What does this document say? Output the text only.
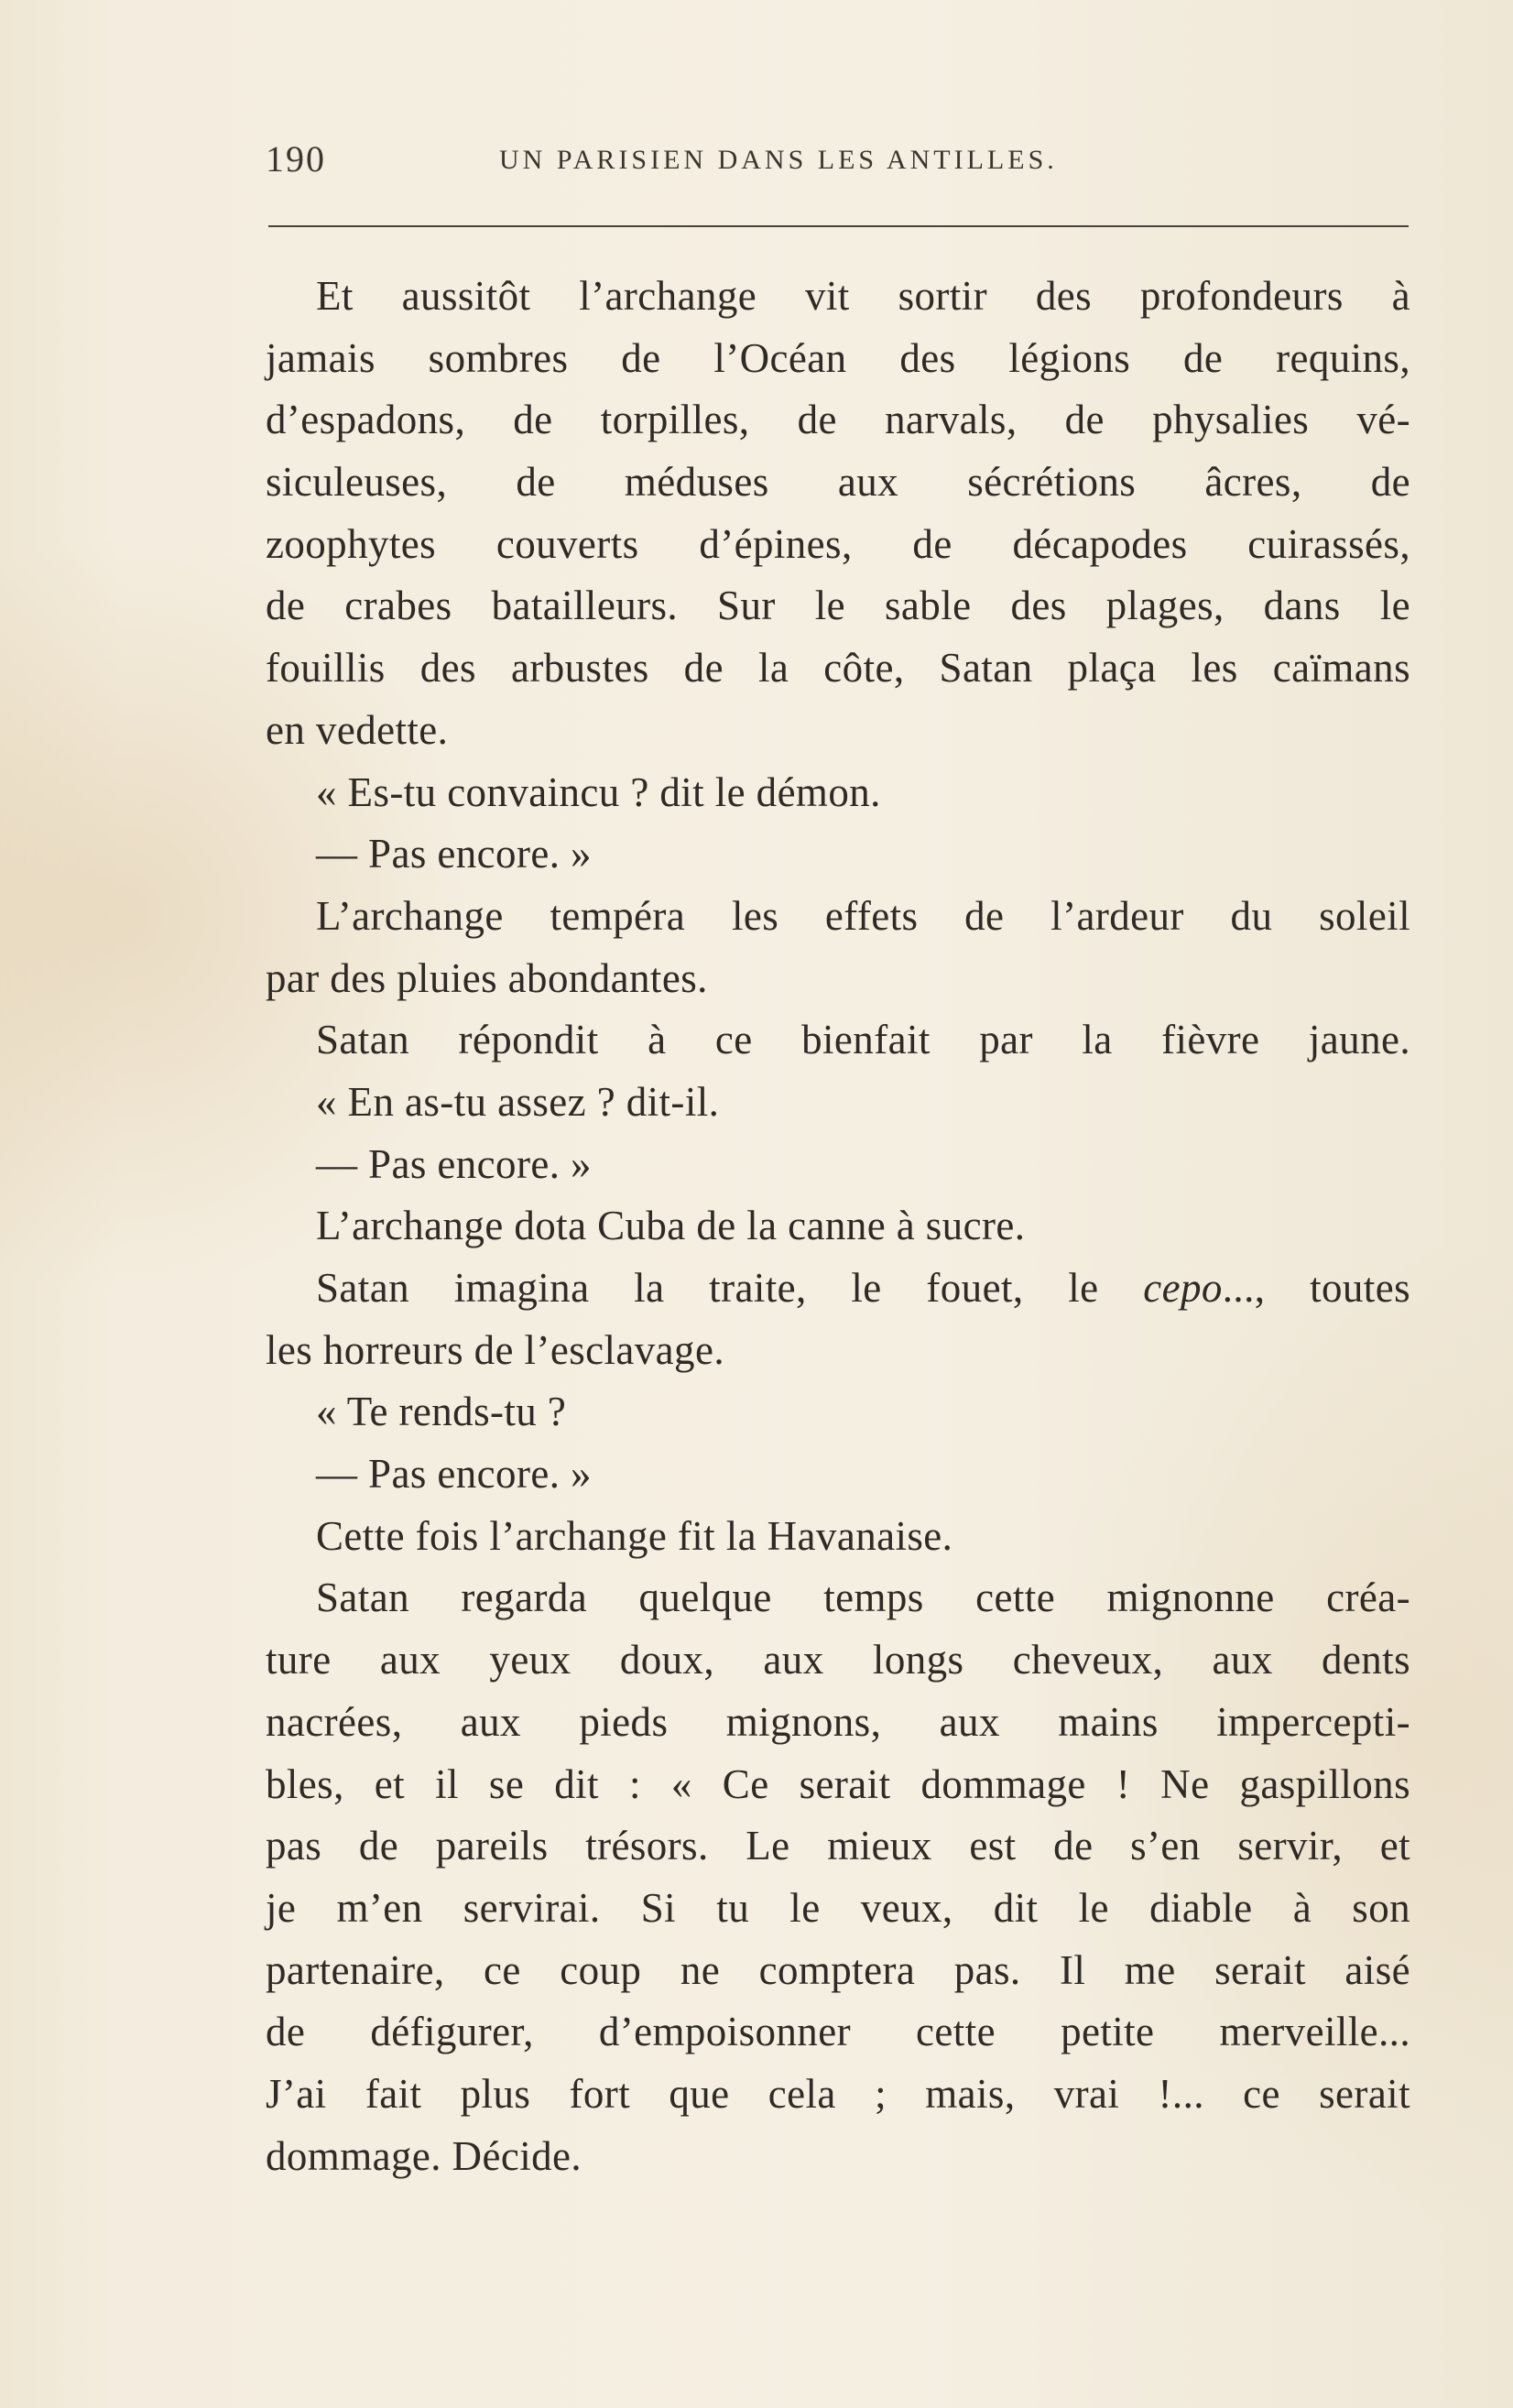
190	UN PARISIEN DANS LES ANTILLES.
Et aussitôt l’archange vit sortir des profondeurs à
jamais sombres de l’Océan des légions de requins,
d’espadons, de torpilles, de narvals, de physalies vé-
siculeuses, de méduses aux sécrétions âcres, de
zoophytes couverts d’épines, de décapodes cuirassés,
de crabes batailleurs. Sur le sable des plages, dans le
fouillis des arbustes de la côte, Satan plaça les caïmans
en vedette.
« Es-tu convaincu ? dit le démon.
— Pas encore. »
L’archange tempéra les effets de l’ardeur du soleil
par des pluies abondantes.
Satan répondit à ce bienfait par la fièvre jaune.
« En as-tu assez ? dit-il.
— Pas encore. »
L’archange dota Cuba de la canne à sucre.
Satan imagina la traite, le fouet, le cepo..., toutes
les horreurs de l’esclavage.
« Te rends-tu ?
— Pas encore. »
Cette fois l’archange fit la Havanaise.
Satan regarda quelque temps cette mignonne créa-
ture aux yeux doux, aux longs cheveux, aux dents
nacrées, aux pieds mignons, aux mains impercepti-
bles, et il se dit : « Ce serait dommage ! Ne gaspillons
pas de pareils trésors. Le mieux est de s’en servir, et
je m’en servirai. Si tu le veux, dit le diable à son
partenaire, ce coup ne comptera pas. Il me serait aisé
de défigurer, d’empoisonner cette petite merveille...
J’ai fait plus fort que cela ; mais, vrai !... ce serait
dommage. Décide.
